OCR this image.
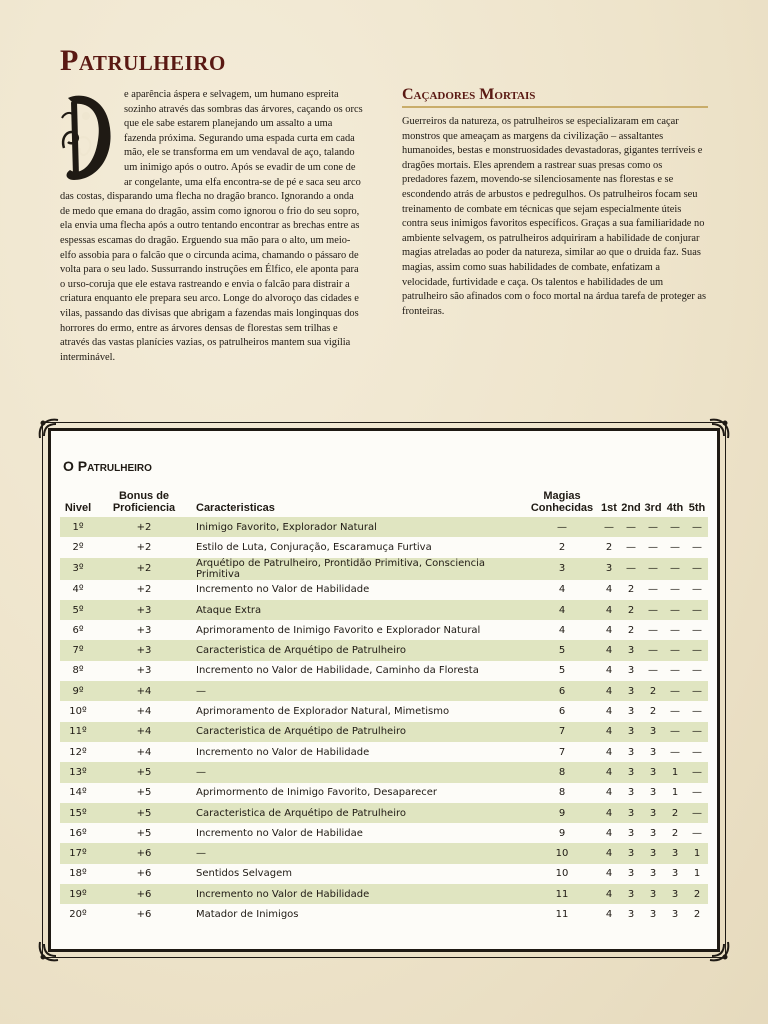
Patrulheiro
e aparência áspera e selvagem, um humano espreita sozinho através das sombras das árvores, caçando os orcs que ele sabe estarem planejando um assalto a uma fazenda próxima. Segurando uma espada curta em cada mão, ele se transforma em um vendaval de aço, talando um inimigo após o outro. Após se evadir de um cone de ar congelante, uma elfa encontra-se de pé e saca seu arco das costas, disparando uma flecha no dragão branco. Ignorando a onda de medo que emana do dragão, assim como ignorou o frio do seu sopro, ela envia uma flecha após a outro tentando encontrar as brechas entre as espessas escamas do dragão. Erguendo sua mão para o alto, um meio-elfo assobia para o falcão que o circunda acima, chamando o pássaro de volta para o seu lado. Sussurrando instruções em Élfico, ele aponta para o urso-coruja que ele estava rastreando e envia o falcão para distrair a criatura enquanto ele prepara seu arco. Longe do alvoroço das cidades e vilas, passando das divisas que abrigam a fazendas mais longinquas dos horrores do ermo, entre as árvores densas de florestas sem trilhas e através das vastas planícies vazias, os patrulheiros mantem sua vigília interminável.
Caçadores Mortais
Guerreiros da natureza, os patrulheiros se especializaram em caçar monstros que ameaçam as margens da civilização – assaltantes humanoides, bestas e monstruosidades devastadoras, gigantes terríveis e dragões mortais. Eles aprendem a rastrear suas presas como os predadores fazem, movendo-se silenciosamente nas florestas e se escondendo atrás de arbustos e pedregulhos. Os patrulheiros focam seu treinamento de combate em técnicas que sejam especialmente úteis contra seus inimigos favoritos específicos. Graças a sua familiaridade no ambiente selvagem, os patrulheiros adquiriram a habilidade de conjurar magias atreladas ao poder da natureza, similar ao que o druida faz. Suas magias, assim como suas habilidades de combate, enfatizam a velocidade, furtividade e caça. Os talentos e habilidades de um patrulheiro são afinados com o foco mortal na árdua tarefa de proteger as fronteiras.
O Patrulheiro
Nivel	Bonus de Proficiencia	Caracteristicas	Magias Conhecidas	1st	2nd	3rd	4th	5th
1º	+2	Inimigo Favorito, Explorador Natural	—	—	—	—	—	—
2º	+2	Estilo de Luta, Conjuração, Escaramuça Furtiva	2	2	—	—	—	—
3º	+2	Arquétipo de Patrulheiro, Prontidão Primitiva, Consciencia Primitiva	3	3	—	—	—	—
4º	+2	Incremento no Valor de Habilidade	4	4	2	—	—	—
5º	+3	Ataque Extra	4	4	2	—	—	—
6º	+3	Aprimoramento de Inimigo Favorito e Explorador Natural	4	4	2	—	—	—
7º	+3	Caracteristica de Arquétipo de Patrulheiro	5	4	3	—	—	—
8º	+3	Incremento no Valor de Habilidade, Caminho da Floresta	5	4	3	—	—	—
9º	+4	—	6	4	3	2	—	—
10º	+4	Aprimoramento de Explorador Natural, Mimetismo	6	4	3	2	—	—
11º	+4	Caracteristica de Arquétipo de Patrulheiro	7	4	3	3	—	—
12º	+4	Incremento no Valor de Habilidade	7	4	3	3	—	—
13º	+5	—	8	4	3	3	1	—
14º	+5	Aprimormento de Inimigo Favorito, Desaparecer	8	4	3	3	1	—
15º	+5	Caracteristica de Arquétipo de Patrulheiro	9	4	3	3	2	—
16º	+5	Incremento no Valor de Habilidae	9	4	3	3	2	—
17º	+6	—	10	4	3	3	3	1
18º	+6	Sentidos Selvagem	10	4	3	3	3	1
19º	+6	Incremento no Valor de Habilidade	11	4	3	3	3	2
20º	+6	Matador de Inimigos	11	4	3	3	3	2
